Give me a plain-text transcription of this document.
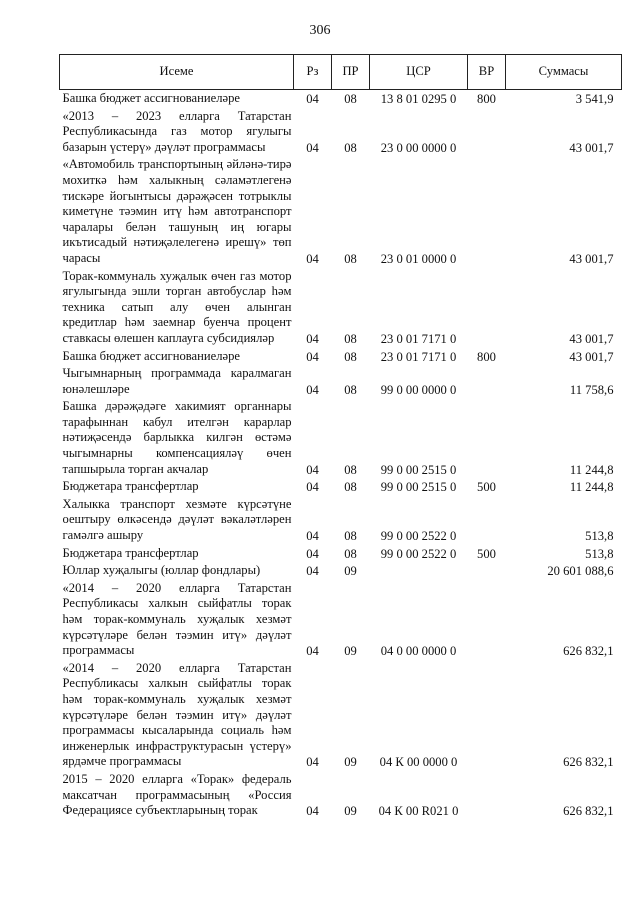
306
Исеме	Рз	ПР	ЦСР	ВР	Суммасы
Башка бюджет ассигнованиеләре	04	08	13 8 01 0295 0	800	3 541,9
«2013 – 2023 елларга Татарстан Республикасында газ мотор ягулыгы базарын үстерү» дәүләт программасы	04	08	23 0 00 0000 0		43 001,7
«Автомобиль транспортының әйләнә-тирә мохиткә һәм халыкның сәламәтлегенә тискәре йогынтысы дәрәҗәсен тотрыклы киметүне тәэмин итү һәм автотранспорт чаралары белән ташуның иң югары икътисадый нәтиҗәлелегенә ирешү» төп чарасы	04	08	23 0 01 0000 0		43 001,7
Торак-коммуналь хуҗалык өчен газ мотор ягулыгында эшли торган автобуслар һәм техника сатып алу өчен алынган кредитлар һәм заемнар буенча процент ставкасы өлешен каплауга субсидияләр	04	08	23 0 01 7171 0		43 001,7
Башка бюджет ассигнованиеләре	04	08	23 0 01 7171 0	800	43 001,7
Чыгымнарның программада каралмаган юнәлешләре	04	08	99 0 00 0000 0		11 758,6
Башка дәрәҗәдәге хакимият органнары тарафыннан кабул ителгән карарлар нәтиҗәсендә барлыкка килгән өстәмә чыгымнарны компенсацияләү өчен тапшырыла торган акчалар	04	08	99 0 00 2515 0		11 244,8
Бюджетара трансфертлар	04	08	99 0 00 2515 0	500	11 244,8
Халыкка транспорт хезмәте күрсәтүне оештыру өлкәсендә дәүләт вәкаләтләрен гамәлгә ашыру	04	08	99 0 00 2522 0		513,8
Бюджетара трансфертлар	04	08	99 0 00 2522 0	500	513,8
Юллар хуҗалыгы (юллар фондлары)	04	09			20 601 088,6
«2014 – 2020 елларга Татарстан Республикасы халкын сыйфатлы торак һәм торак-коммуналь хуҗалык хезмәт күрсәтүләре белән тәэмин итү» дәүләт программасы	04	09	04 0 00 0000 0		626 832,1
«2014 – 2020 елларга Татарстан Республикасы халкын сыйфатлы торак һәм торак-коммуналь хуҗалык хезмәт күрсәтүләре белән тәэмин итү» дәүләт программасы кысаларында социаль һәм инженерлык инфраструктурасын үстерү» ярдәмче программасы	04	09	04 К 00 0000 0		626 832,1
2015 – 2020 елларга «Торак» федераль максатчан программасының «Россия Федерациясе субъектларының торак	04	09	04 К 00 R021 0		626 832,1
